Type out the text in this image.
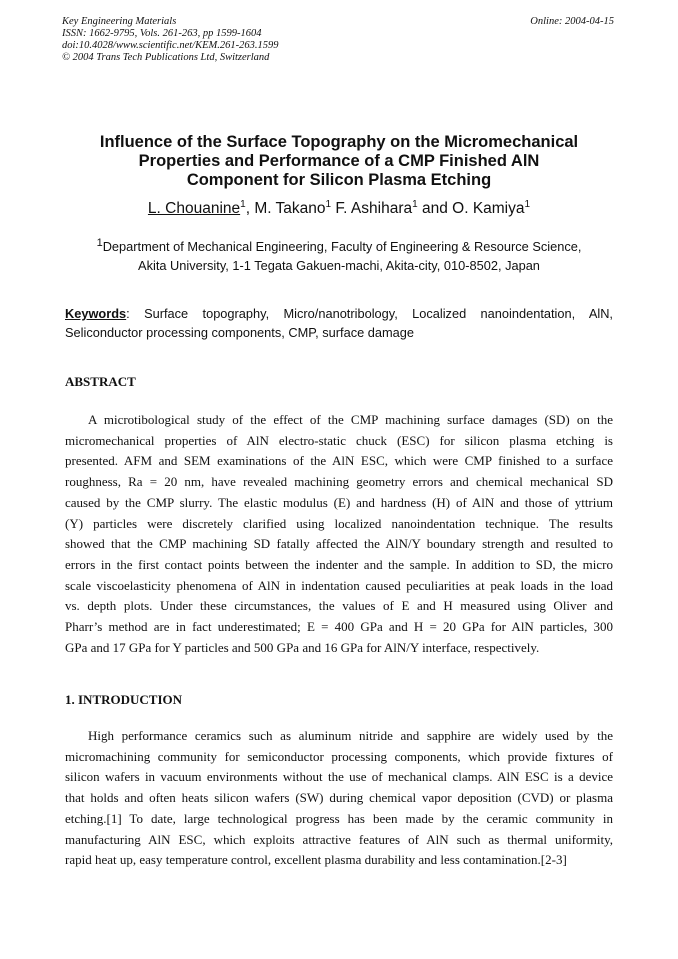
Key Engineering Materials
ISSN: 1662-9795, Vols. 261-263, pp 1599-1604
doi:10.4028/www.scientific.net/KEM.261-263.1599
© 2004 Trans Tech Publications Ltd, Switzerland
Online: 2004-04-15
Influence of the Surface Topography on the Micromechanical
Properties and Performance of a CMP Finished AlN
Component for Silicon Plasma Etching
L. Chouanine$^1$, M. Takano$^1$ F. Ashihara$^1$ and O. Kamiya$^1$
$^1$Department of Mechanical Engineering, Faculty of Engineering & Resource Science,
Akita University, 1-1 Tegata Gakuen-machi, Akita-city, 010-8502, Japan
Keywords: Surface topography, Micro/nanotribology, Localized nanoindentation, AlN, Seliconductor processing components, CMP, surface damage
ABSTRACT
A microtibological study of the effect of the CMP machining surface damages (SD) on the
micromechanical properties of AlN electro-static chuck (ESC) for silicon plasma etching is
presented. AFM and SEM examinations of the AlN ESC, which were CMP finished to a surface
roughness, Ra = 20 nm, have revealed machining geometry errors and chemical mechanical SD
caused by the CMP slurry. The elastic modulus (E) and hardness (H) of AlN and those of yttrium
(Y) particles were discretely clarified using localized nanoindentation technique. The results
showed that the CMP machining SD fatally affected the AlN/Y boundary strength and resulted to
errors in the first contact points between the indenter and the sample. In addition to SD, the micro
scale viscoelasticity phenomena of AlN in indentation caused peculiarities at peak loads in the load
vs. depth plots. Under these circumstances, the values of E and H measured using Oliver and
Pharr’s method are in fact underestimated; E = 400 GPa and H = 20 GPa for AlN particles, 300
GPa and 17 GPa for Y particles and 500 GPa and 16 GPa for AlN/Y interface, respectively.
1. INTRODUCTION
High performance ceramics such as aluminum nitride and sapphire are widely used by the
micromachining community for semiconductor processing components, which provide fixtures of
silicon wafers in vacuum environments without the use of mechanical clamps. AlN ESC is a device
that holds and often heats silicon wafers (SW) during chemical vapor deposition (CVD) or plasma
etching.[1] To date, large technological progress has been made by the ceramic community in
manufacturing AlN ESC, which exploits attractive features of AlN such as thermal uniformity,
rapid heat up, easy temperature control, excellent plasma durability and less contamination.[2-3]
